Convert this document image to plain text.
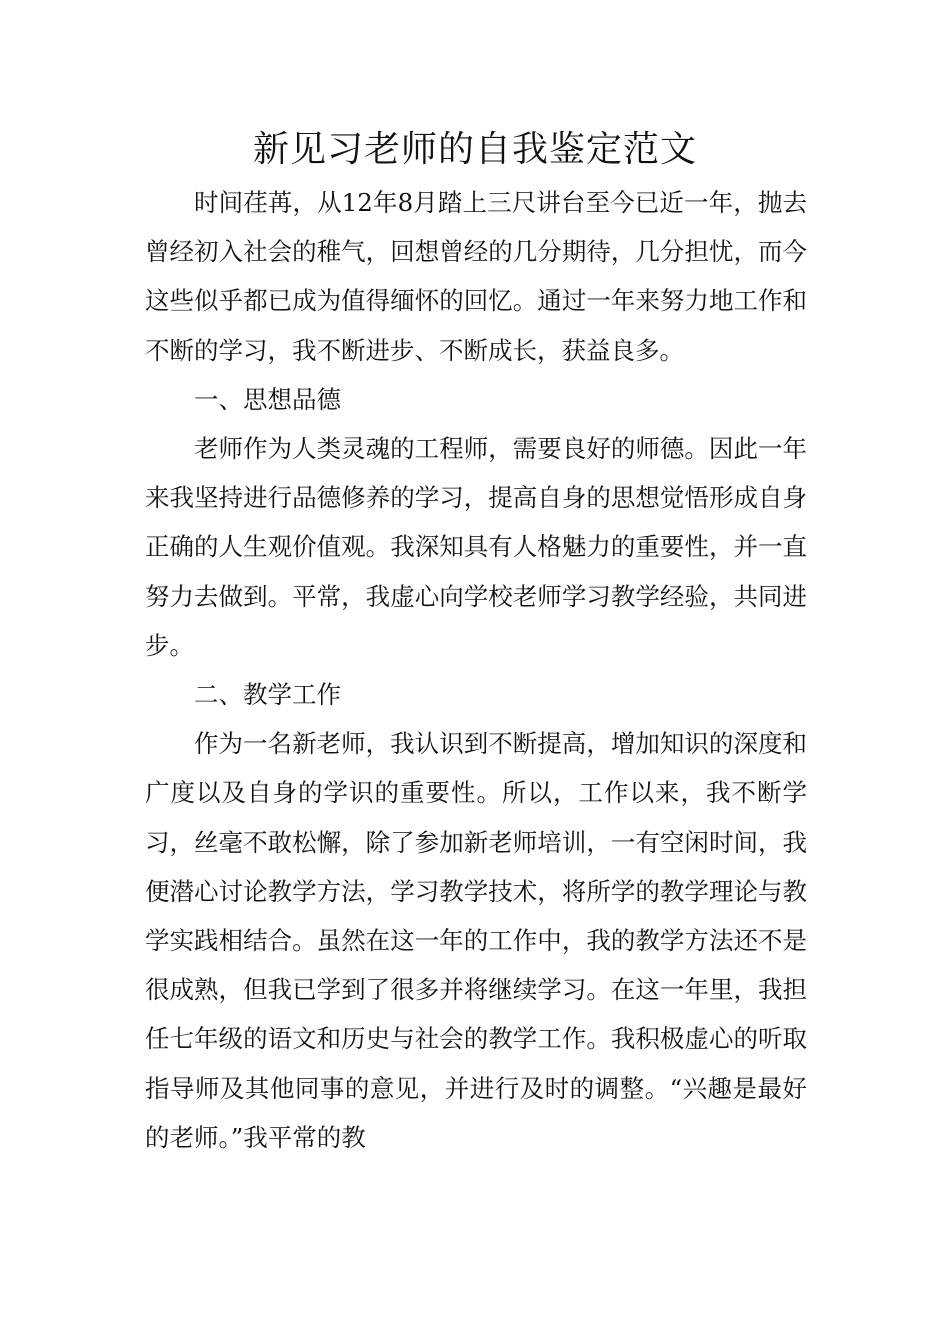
新见习老师的自我鉴定范文

时间荏苒，从12年8月踏上三尺讲台至今已近一年，抛去曾经初入社会的稚气，回想曾经的几分期待，几分担忧，而今这些似乎都已成为值得缅怀的回忆。通过一年来努力地工作和不断的学习，我不断进步、不断成长，获益良多。

一、思想品德

老师作为人类灵魂的工程师，需要良好的师德。因此一年来我坚持进行品德修养的学习，提高自身的思想觉悟形成自身正确的人生观价值观。我深知具有人格魅力的重要性，并一直努力去做到。平常，我虚心向学校老师学习教学经验，共同进步。

二、教学工作

作为一名新老师，我认识到不断提高，增加知识的深度和广度以及自身的学识的重要性。所以，工作以来，我不断学习，丝毫不敢松懈，除了参加新老师培训，一有空闲时间，我便潜心讨论教学方法，学习教学技术，将所学的教学理论与教学实践相结合。虽然在这一年的工作中，我的教学方法还不是很成熟，但我已学到了很多并将继续学习。在这一年里，我担任七年级的语文和历史与社会的教学工作。我积极虚心的听取指导师及其他同事的意见，并进行及时的调整。“兴趣是最好的老师。”我平常的教
